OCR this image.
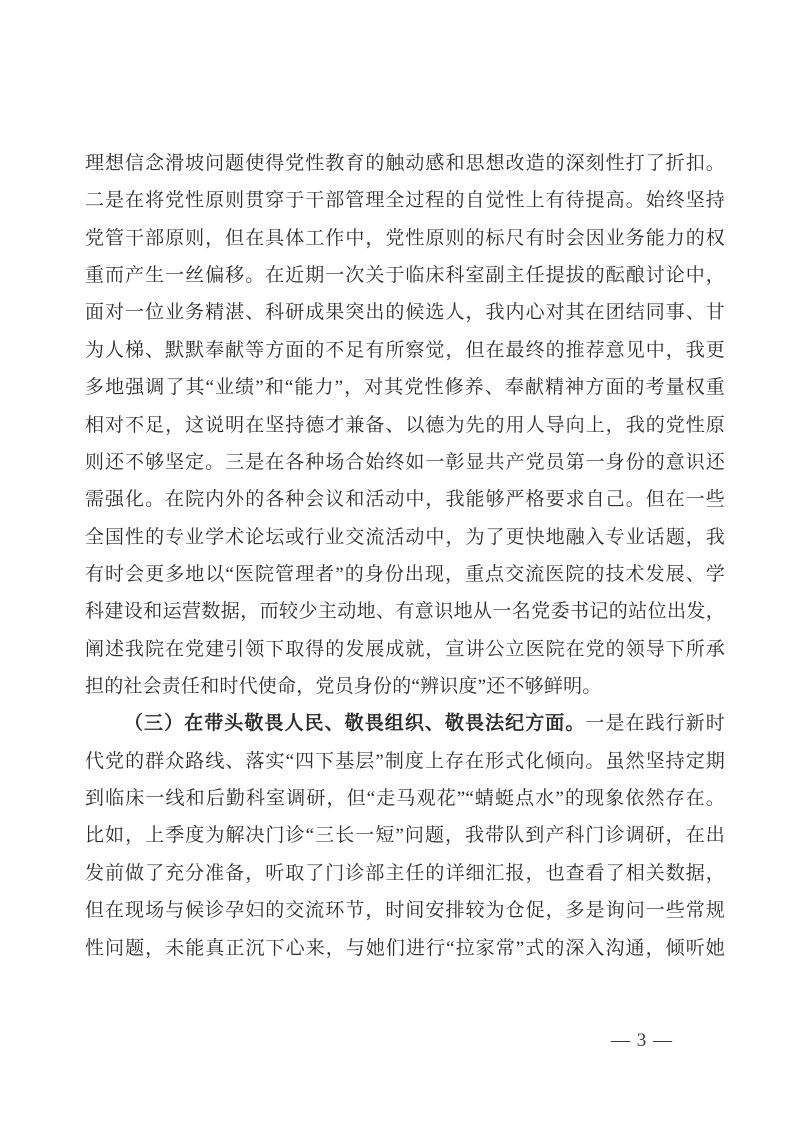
理想信念滑坡问题使得党性教育的触动感和思想改造的深刻性打了折扣。
二是在将党性原则贯穿于干部管理全过程的自觉性上有待提高。始终坚持
党管干部原则，但在具体工作中，党性原则的标尺有时会因业务能力的权
重而产生一丝偏移。在近期一次关于临床科室副主任提拔的酝酿讨论中，
面对一位业务精湛、科研成果突出的候选人，我内心对其在团结同事、甘
为人梯、默默奉献等方面的不足有所察觉，但在最终的推荐意见中，我更
多地强调了其“业绩”和“能力”，对其党性修养、奉献精神方面的考量权重
相对不足，这说明在坚持德才兼备、以德为先的用人导向上，我的党性原
则还不够坚定。三是在各种场合始终如一彰显共产党员第一身份的意识还
需强化。在院内外的各种会议和活动中，我能够严格要求自己。但在一些
全国性的专业学术论坛或行业交流活动中，为了更快地融入专业话题，我
有时会更多地以“医院管理者”的身份出现，重点交流医院的技术发展、学
科建设和运营数据，而较少主动地、有意识地从一名党委书记的站位出发，
阐述我院在党建引领下取得的发展成就，宣讲公立医院在党的领导下所承
担的社会责任和时代使命，党员身份的“辨识度”还不够鲜明。
（三）在带头敬畏人民、敬畏组织、敬畏法纪方面。一是在践行新时
代党的群众路线、落实“四下基层”制度上存在形式化倾向。虽然坚持定期
到临床一线和后勤科室调研，但“走马观花”“蜻蜓点水”的现象依然存在。
比如，上季度为解决门诊“三长一短”问题，我带队到产科门诊调研，在出
发前做了充分准备，听取了门诊部主任的详细汇报，也查看了相关数据，
但在现场与候诊孕妇的交流环节，时间安排较为仓促，多是询问一些常规
性问题，未能真正沉下心来，与她们进行“拉家常”式的深入沟通，倾听她
— 3 —
